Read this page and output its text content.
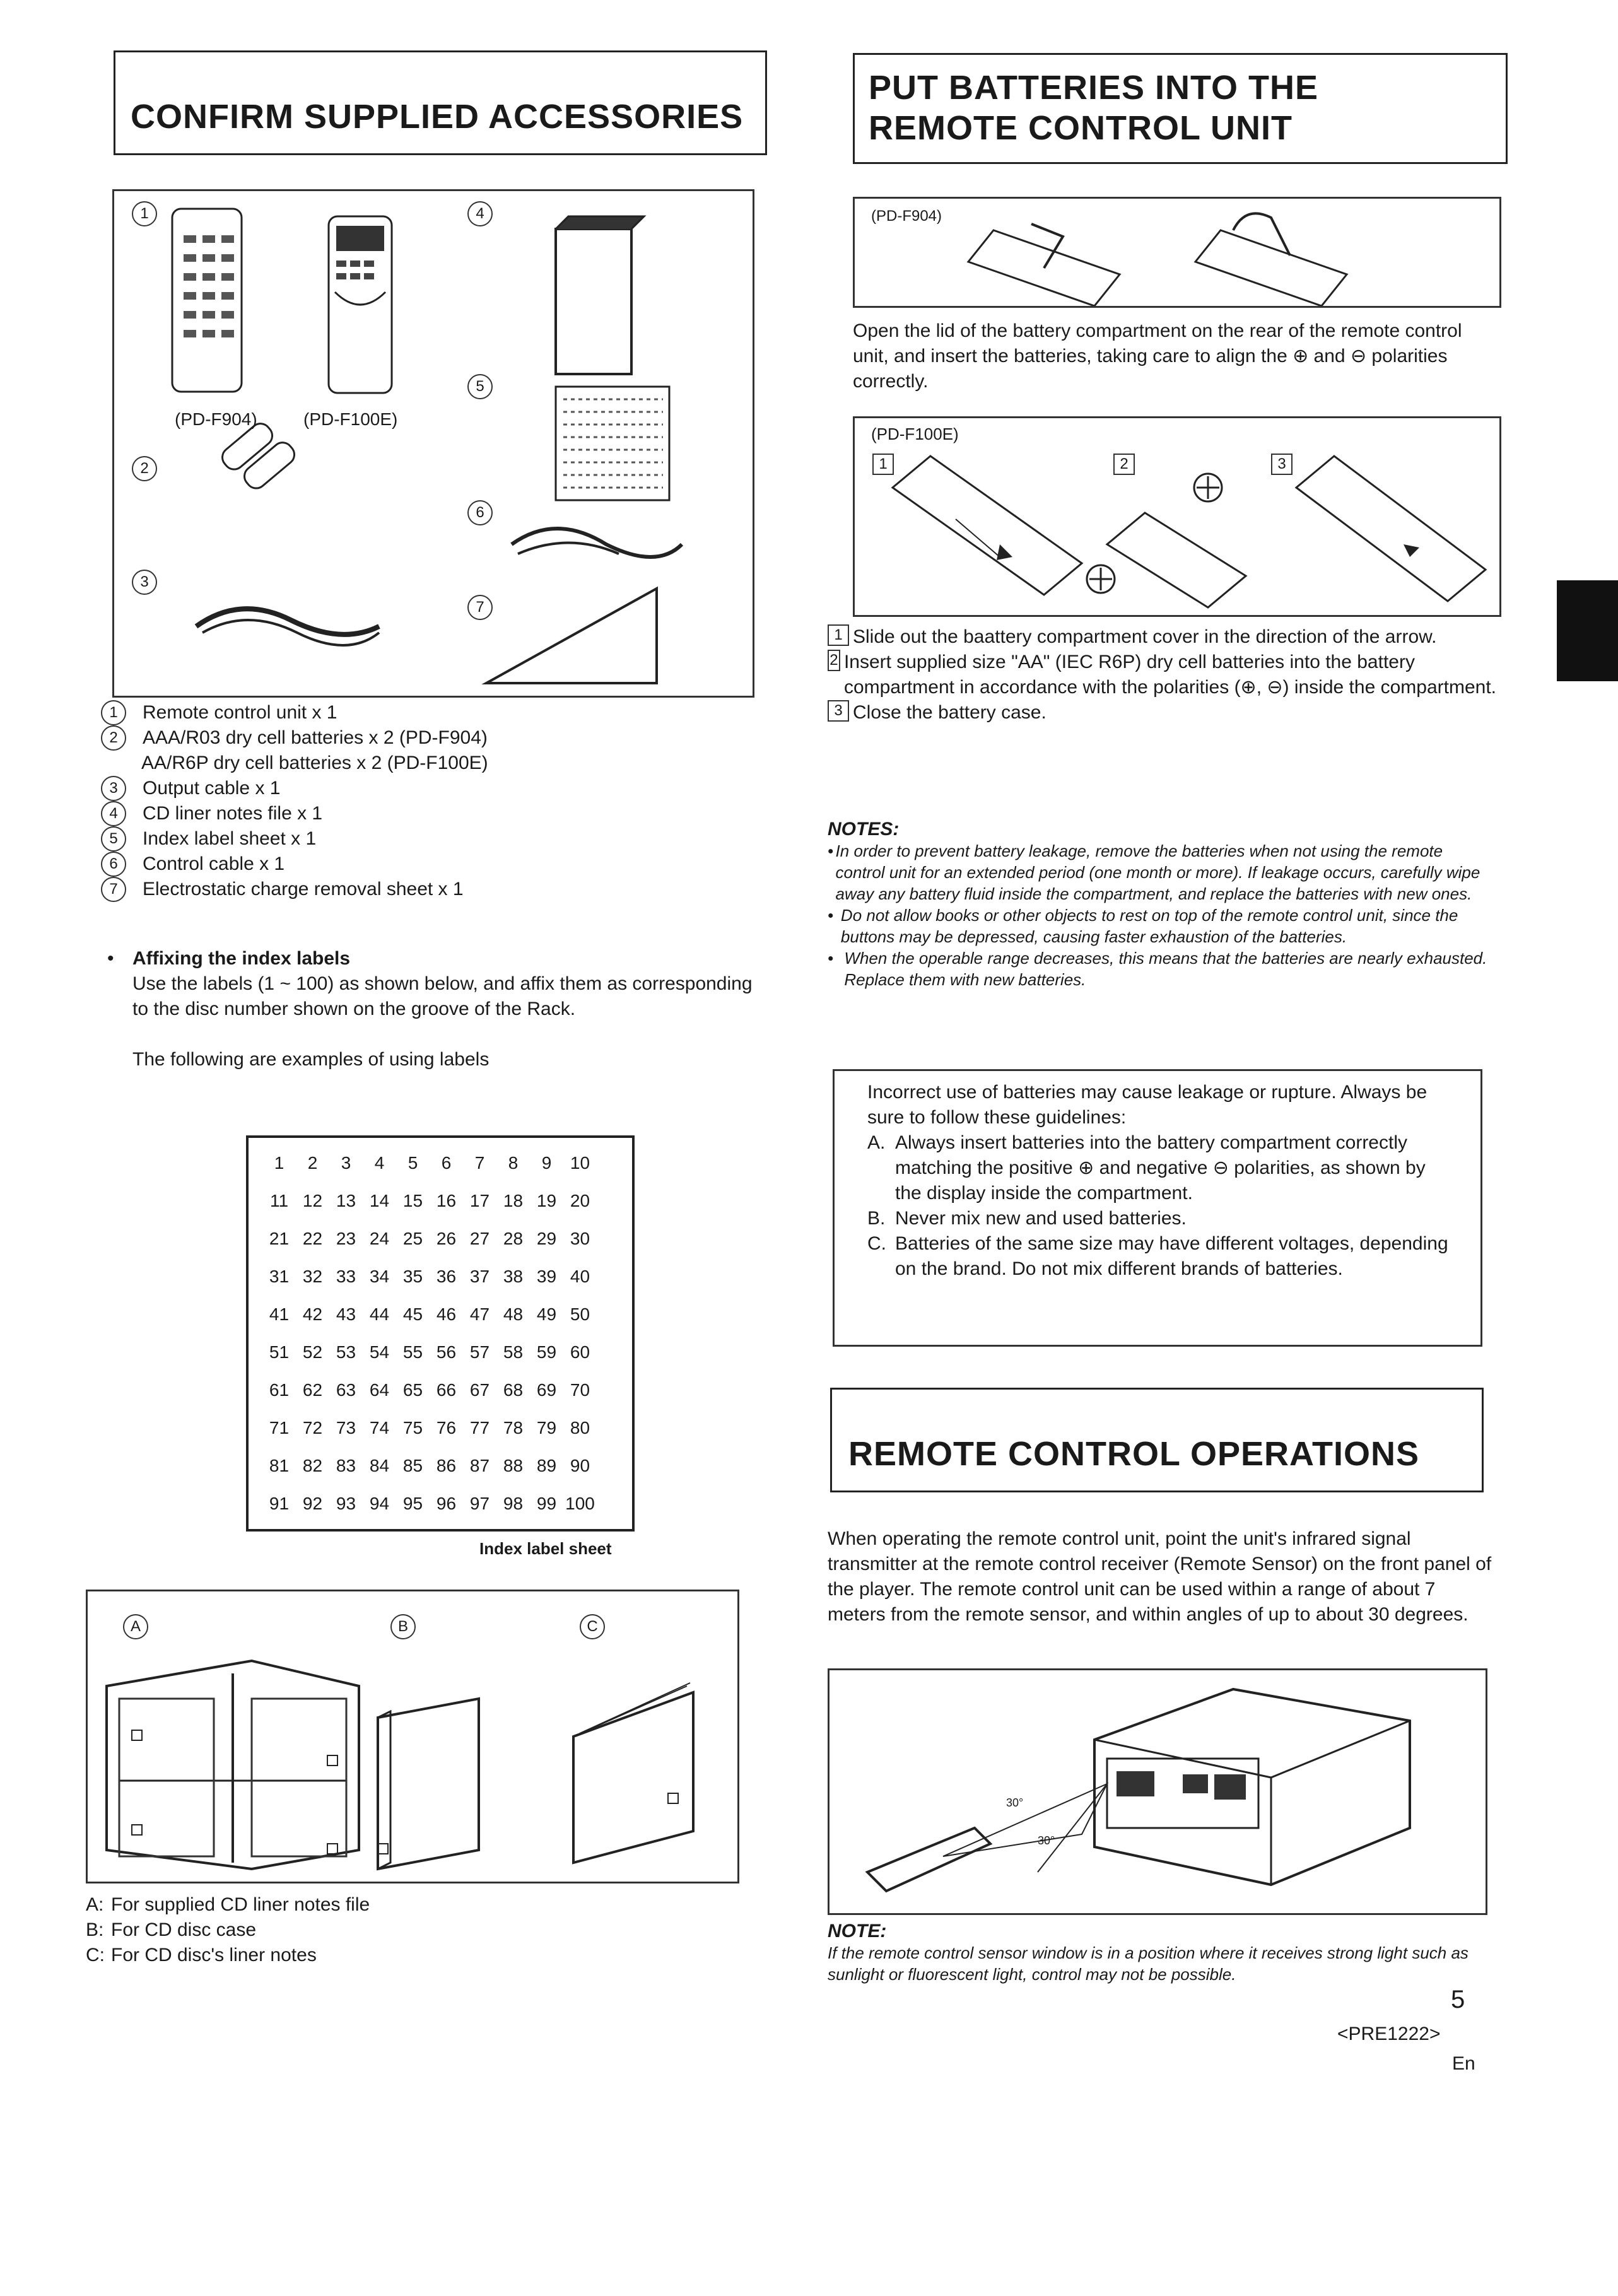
CONFIRM SUPPLIED ACCESSORIES
1	4
5
2
6
3
7
(PD-F904)	(PD-F100E)
1	Remote control unit x 1
2	AAA/R03 dry cell batteries x 2 (PD-F904)
AA/R6P dry cell batteries x 2 (PD-F100E)
3	Output cable x 1
4	CD liner notes file x 1
5	Index label sheet x 1
6	Control cable x 1
7	Electrostatic charge removal sheet x 1
• Affixing the index labels
Use the labels (1 ~ 100) as shown below, and affix them as corresponding to the disc number shown on the groove of the Rack.
The following are examples of using labels
1	2	3	4	5	6	7	8	9	10
11	12	13	14	15	16	17	18	19	20
21	22	23	24	25	26	27	28	29	30
31	32	33	34	35	36	37	38	39	40
41	42	43	44	45	46	47	48	49	50
51	52	53	54	55	56	57	58	59	60
61	62	63	64	65	66	67	68	69	70
71	72	73	74	75	76	77	78	79	80
81	82	83	84	85	86	87	88	89	90
91	92	93	94	95	96	97	98	99	100
Index label sheet
A	B	C
A: For supplied CD liner notes file
B: For CD disc case
C: For CD disc's liner notes
PUT BATTERIES INTO THE REMOTE CONTROL UNIT
(PD-F904)
Open the lid of the battery compartment on the rear of the remote control unit, and insert the batteries, taking care to align the ⊕ and ⊖ polarities correctly.
(PD-F100E)
1	2	3
1 Slide out the baattery compartment cover in the direction of the arrow.
2 Insert supplied size "AA" (IEC R6P) dry cell batteries into the battery compartment in accordance with the polarities (⊕, ⊖) inside the compartment.
3 Close the battery case.
NOTES:
• In order to prevent battery leakage, remove the batteries when not using the remote control unit for an extended period (one month or more). If leakage occurs, carefully wipe away any battery fluid inside the compartment, and replace the batteries with new ones.
• Do not allow books or other objects to rest on top of the remote control unit, since the buttons may be depressed, causing faster exhaustion of the batteries.
• When the operable range decreases, this means that the batteries are nearly exhausted. Replace them with new batteries.
Incorrect use of batteries may cause leakage or rupture. Always be sure to follow these guidelines:
A. Always insert batteries into the battery compartment correctly matching the positive ⊕ and negative ⊖ polarities, as shown by the display inside the compartment.
B. Never mix new and used batteries.
C. Batteries of the same size may have different voltages, depending on the brand. Do not mix different brands of batteries.
REMOTE CONTROL OPERATIONS
When operating the remote control unit, point the unit's infrared signal transmitter at the remote control receiver (Remote Sensor) on the front panel of the player. The remote control unit can be used within a range of about 7 meters from the remote sensor, and within angles of up to about 30 degrees.
30°
30°
NOTE:
If the remote control sensor window is in a position where it receives strong light such as sunlight or fluorescent light, control may not be possible.
5
<PRE1222>
En
